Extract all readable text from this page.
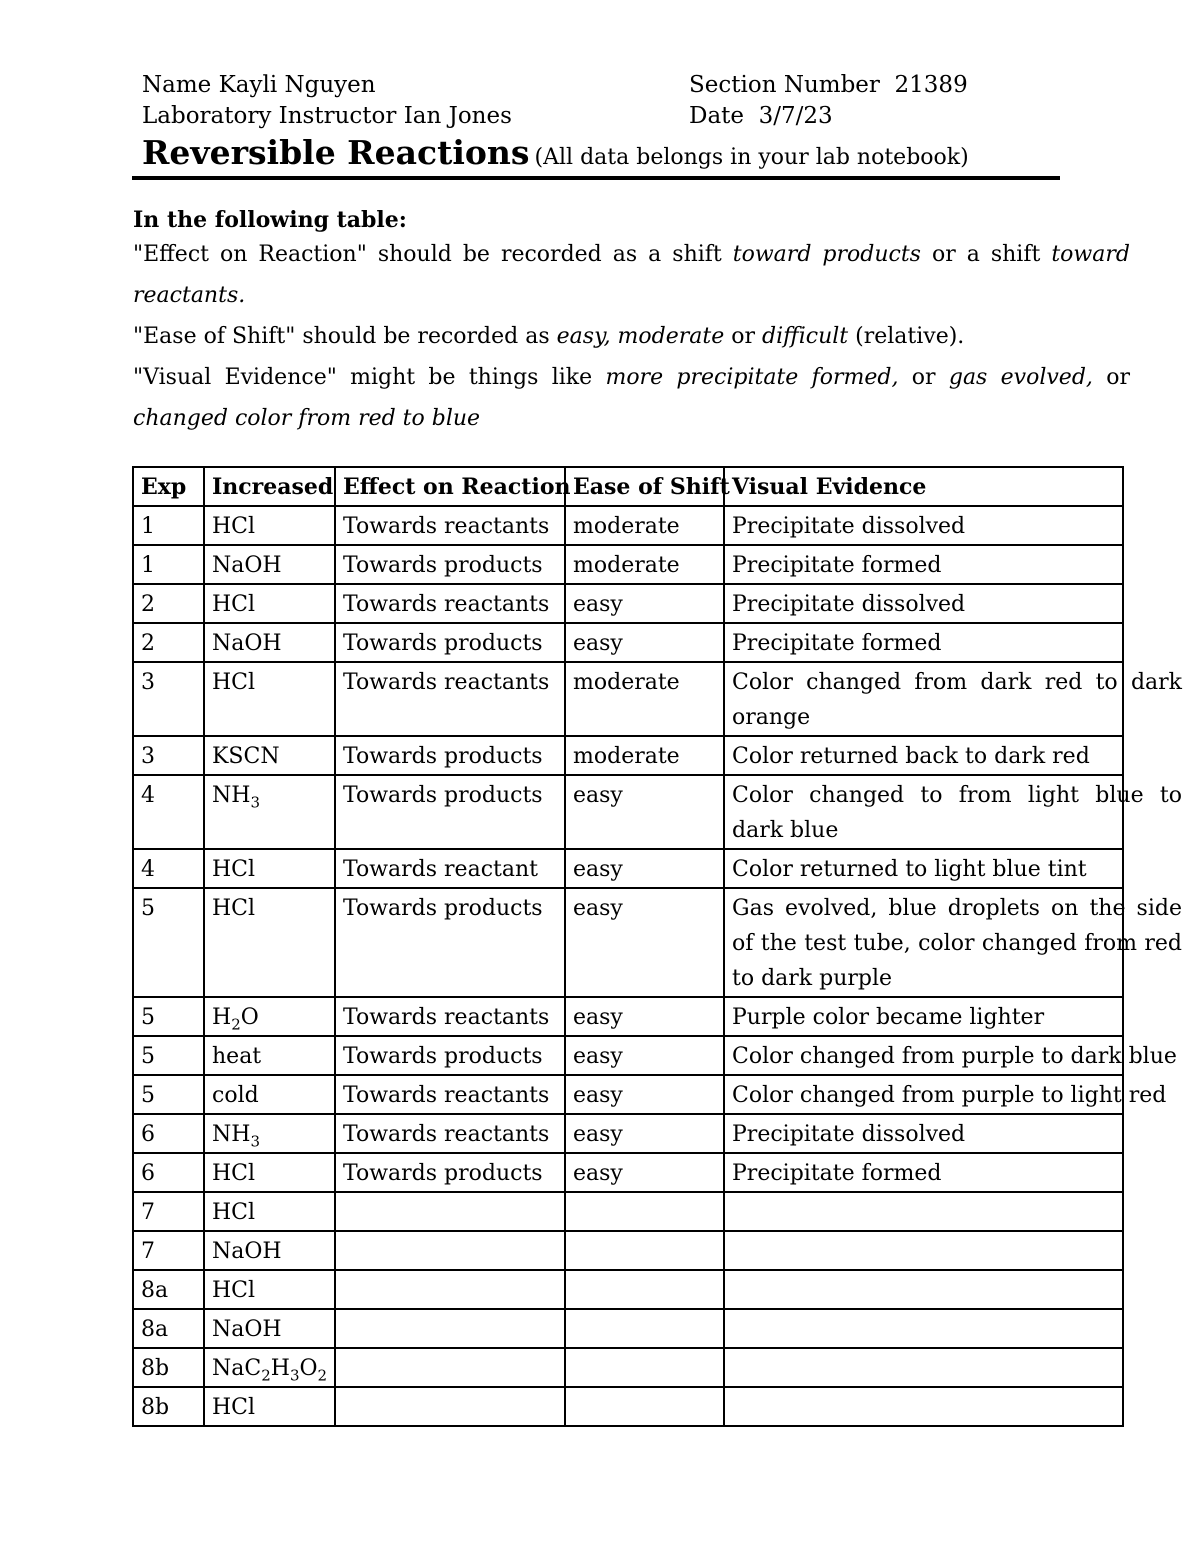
Name Kayli Nguyen
Laboratory Instructor Ian Jones
Section Number 21389
Date 3/7/23
Reversible Reactions (All data belongs in your lab notebook)
In the following table:
"Effect on Reaction" should be recorded as a shift toward products or a shift toward reactants.
"Ease of Shift" should be recorded as easy, moderate or difficult (relative).
"Visual Evidence" might be things like more precipitate formed, or gas evolved, or changed color from red to blue
Exp	Increased	Effect on Reaction	Ease of Shift	Visual Evidence
1	HCl	Towards reactants	moderate	Precipitate dissolved
1	NaOH	Towards products	moderate	Precipitate formed
2	HCl	Towards reactants	easy	Precipitate dissolved
2	NaOH	Towards products	easy	Precipitate formed
3	HCl	Towards reactants	moderate	Color changed from dark red to dark orange

3	KSCN	Towards products	moderate	Color returned back to dark red
4	$NH_3$	Towards products	easy	Color changed to from light blue to dark blue

4	HCl	Towards reactant	easy	Color returned to light blue tint
5	HCl	Towards products	easy	Gas evolved, blue droplets on the side of the test tube, color changed from red to dark purple

5	$H_2O$	Towards reactants	easy	Purple color became lighter
5	heat	Towards products	easy	Color changed from purple to dark blue

5	cold	Towards reactants	easy	Color changed from purple to light red

6	$NH_3$	Towards reactants	easy	Precipitate dissolved
6	HCl	Towards products	easy	Precipitate formed
7	HCl			
7	NaOH			
8a	HCl			
8a	NaOH			
8b	$NaC_2H_3O_2$			
8b	HCl			
